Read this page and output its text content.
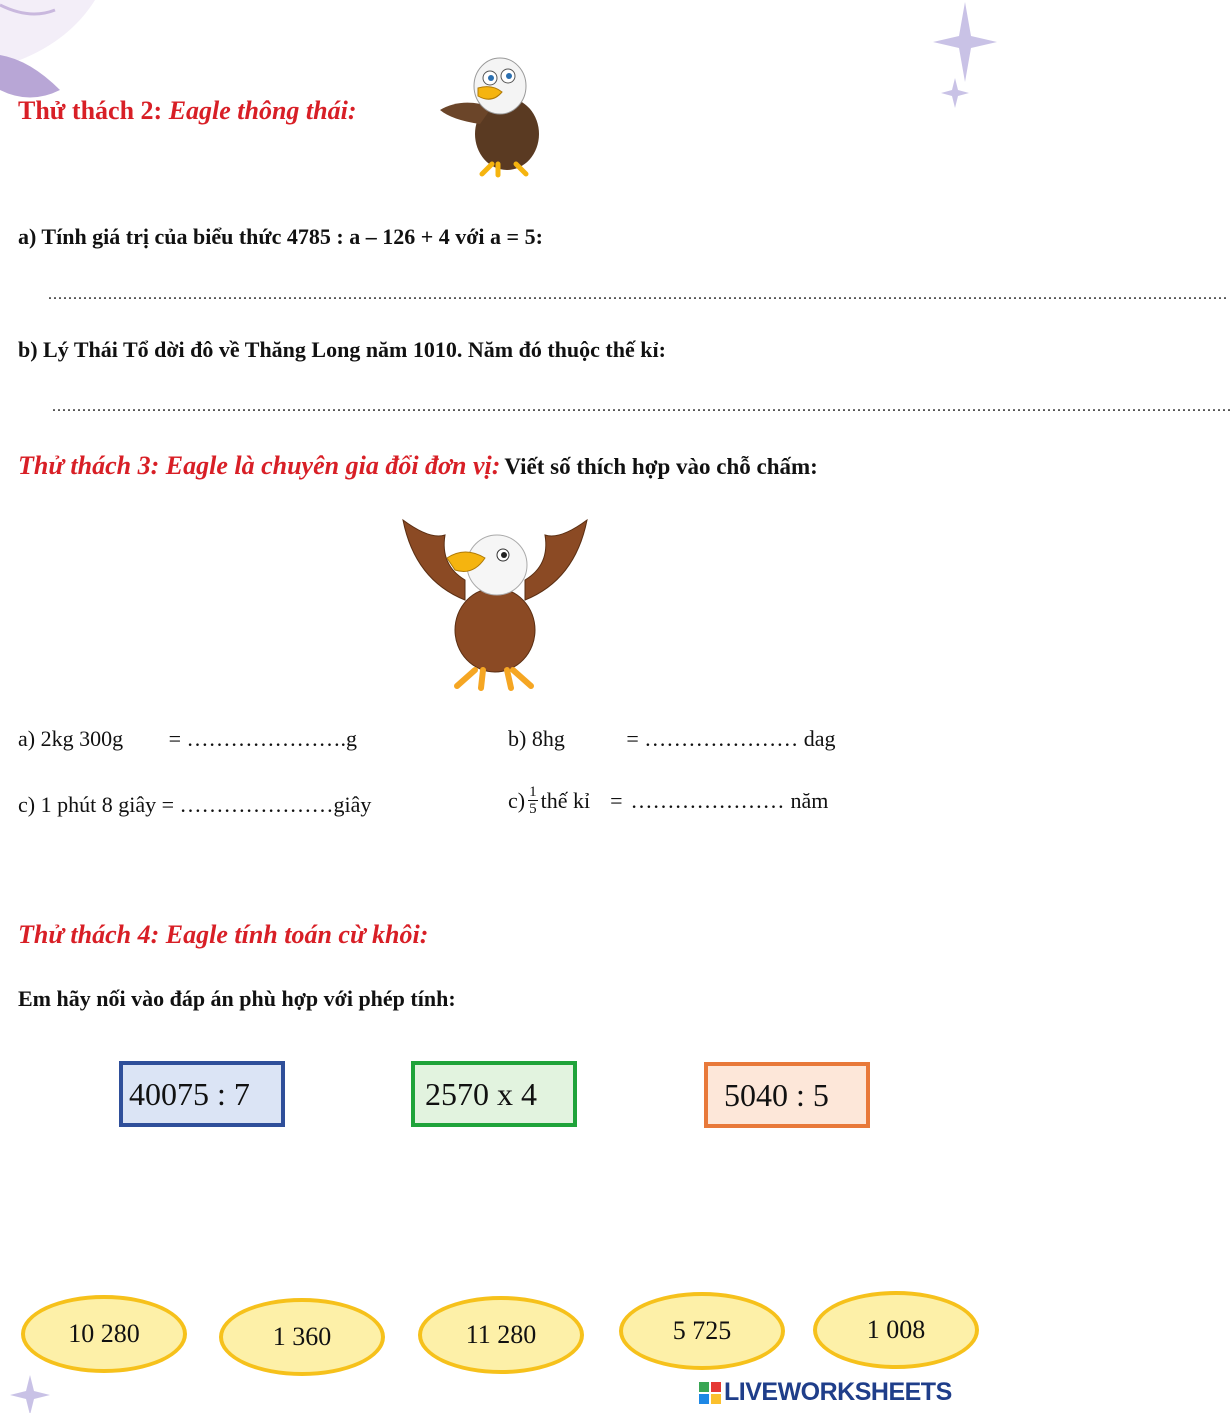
Thử thách 2: Eagle thông thái:
a) Tính giá trị của biểu thức 4785 : a – 126 + 4 với a = 5:
............................................................................................................................................................................................................................................
b) Lý Thái Tổ dời đô về Thăng Long năm 1010. Năm đó thuộc thế kỉ:
............................................................................................................................................................................................................................................
Thử thách 3: Eagle là chuyên gia đổi đơn vị: Viết số thích hợp vào chỗ chấm:
a) 2kg 300g = ………………….g	b) 8hg	= ………………… dag
c) 1 phút 8 giây = …………………giây	$c) \frac{1}{5}$ thế kỉ = ………………… năm
Thử thách 4: Eagle tính toán cừ khôi:
Em hãy nối vào đáp án phù hợp với phép tính:
40075 : 7	2570 x 4	5040 : 5
10 280	1 360	11 280	5 725	1 008
LIVEWORKSHEETS
